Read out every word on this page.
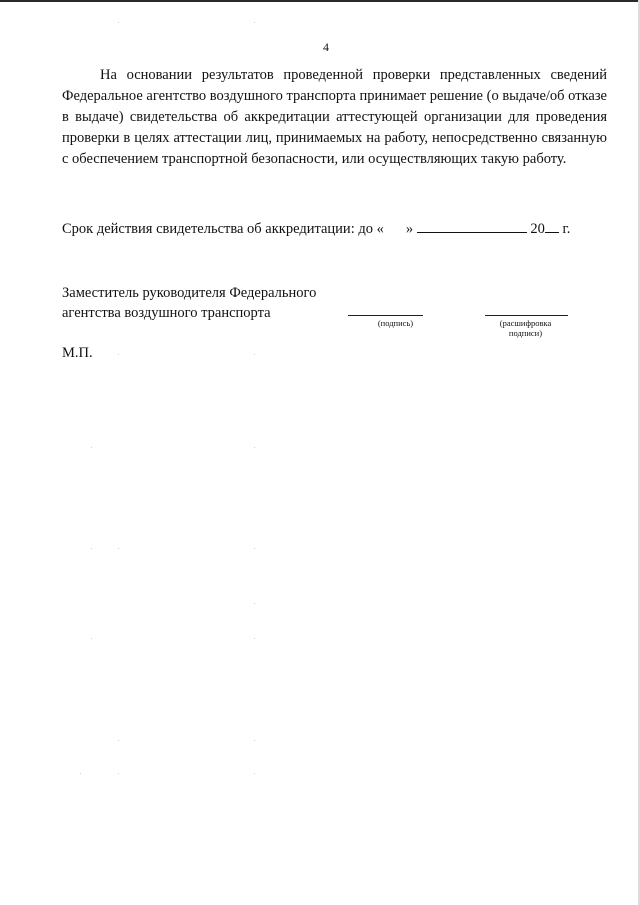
4
На основании результатов проведенной проверки представленных сведений Федеральное агентство воздушного транспорта принимает решение (о выдаче/об отказе в выдаче) свидетельства об аккредитации аттестующей организации для проведения проверки в целях аттестации лиц, принимаемых на работу, непосредственно связанную с обеспечением транспортной безопасности, или осуществляющих такую работу.
Срок действия свидетельства об аккредитации: до « »	20 г.
Заместитель руководителя Федерального
агентства воздушного транспорта
(подпись)	(расшифровка
подписи)
М.П.
